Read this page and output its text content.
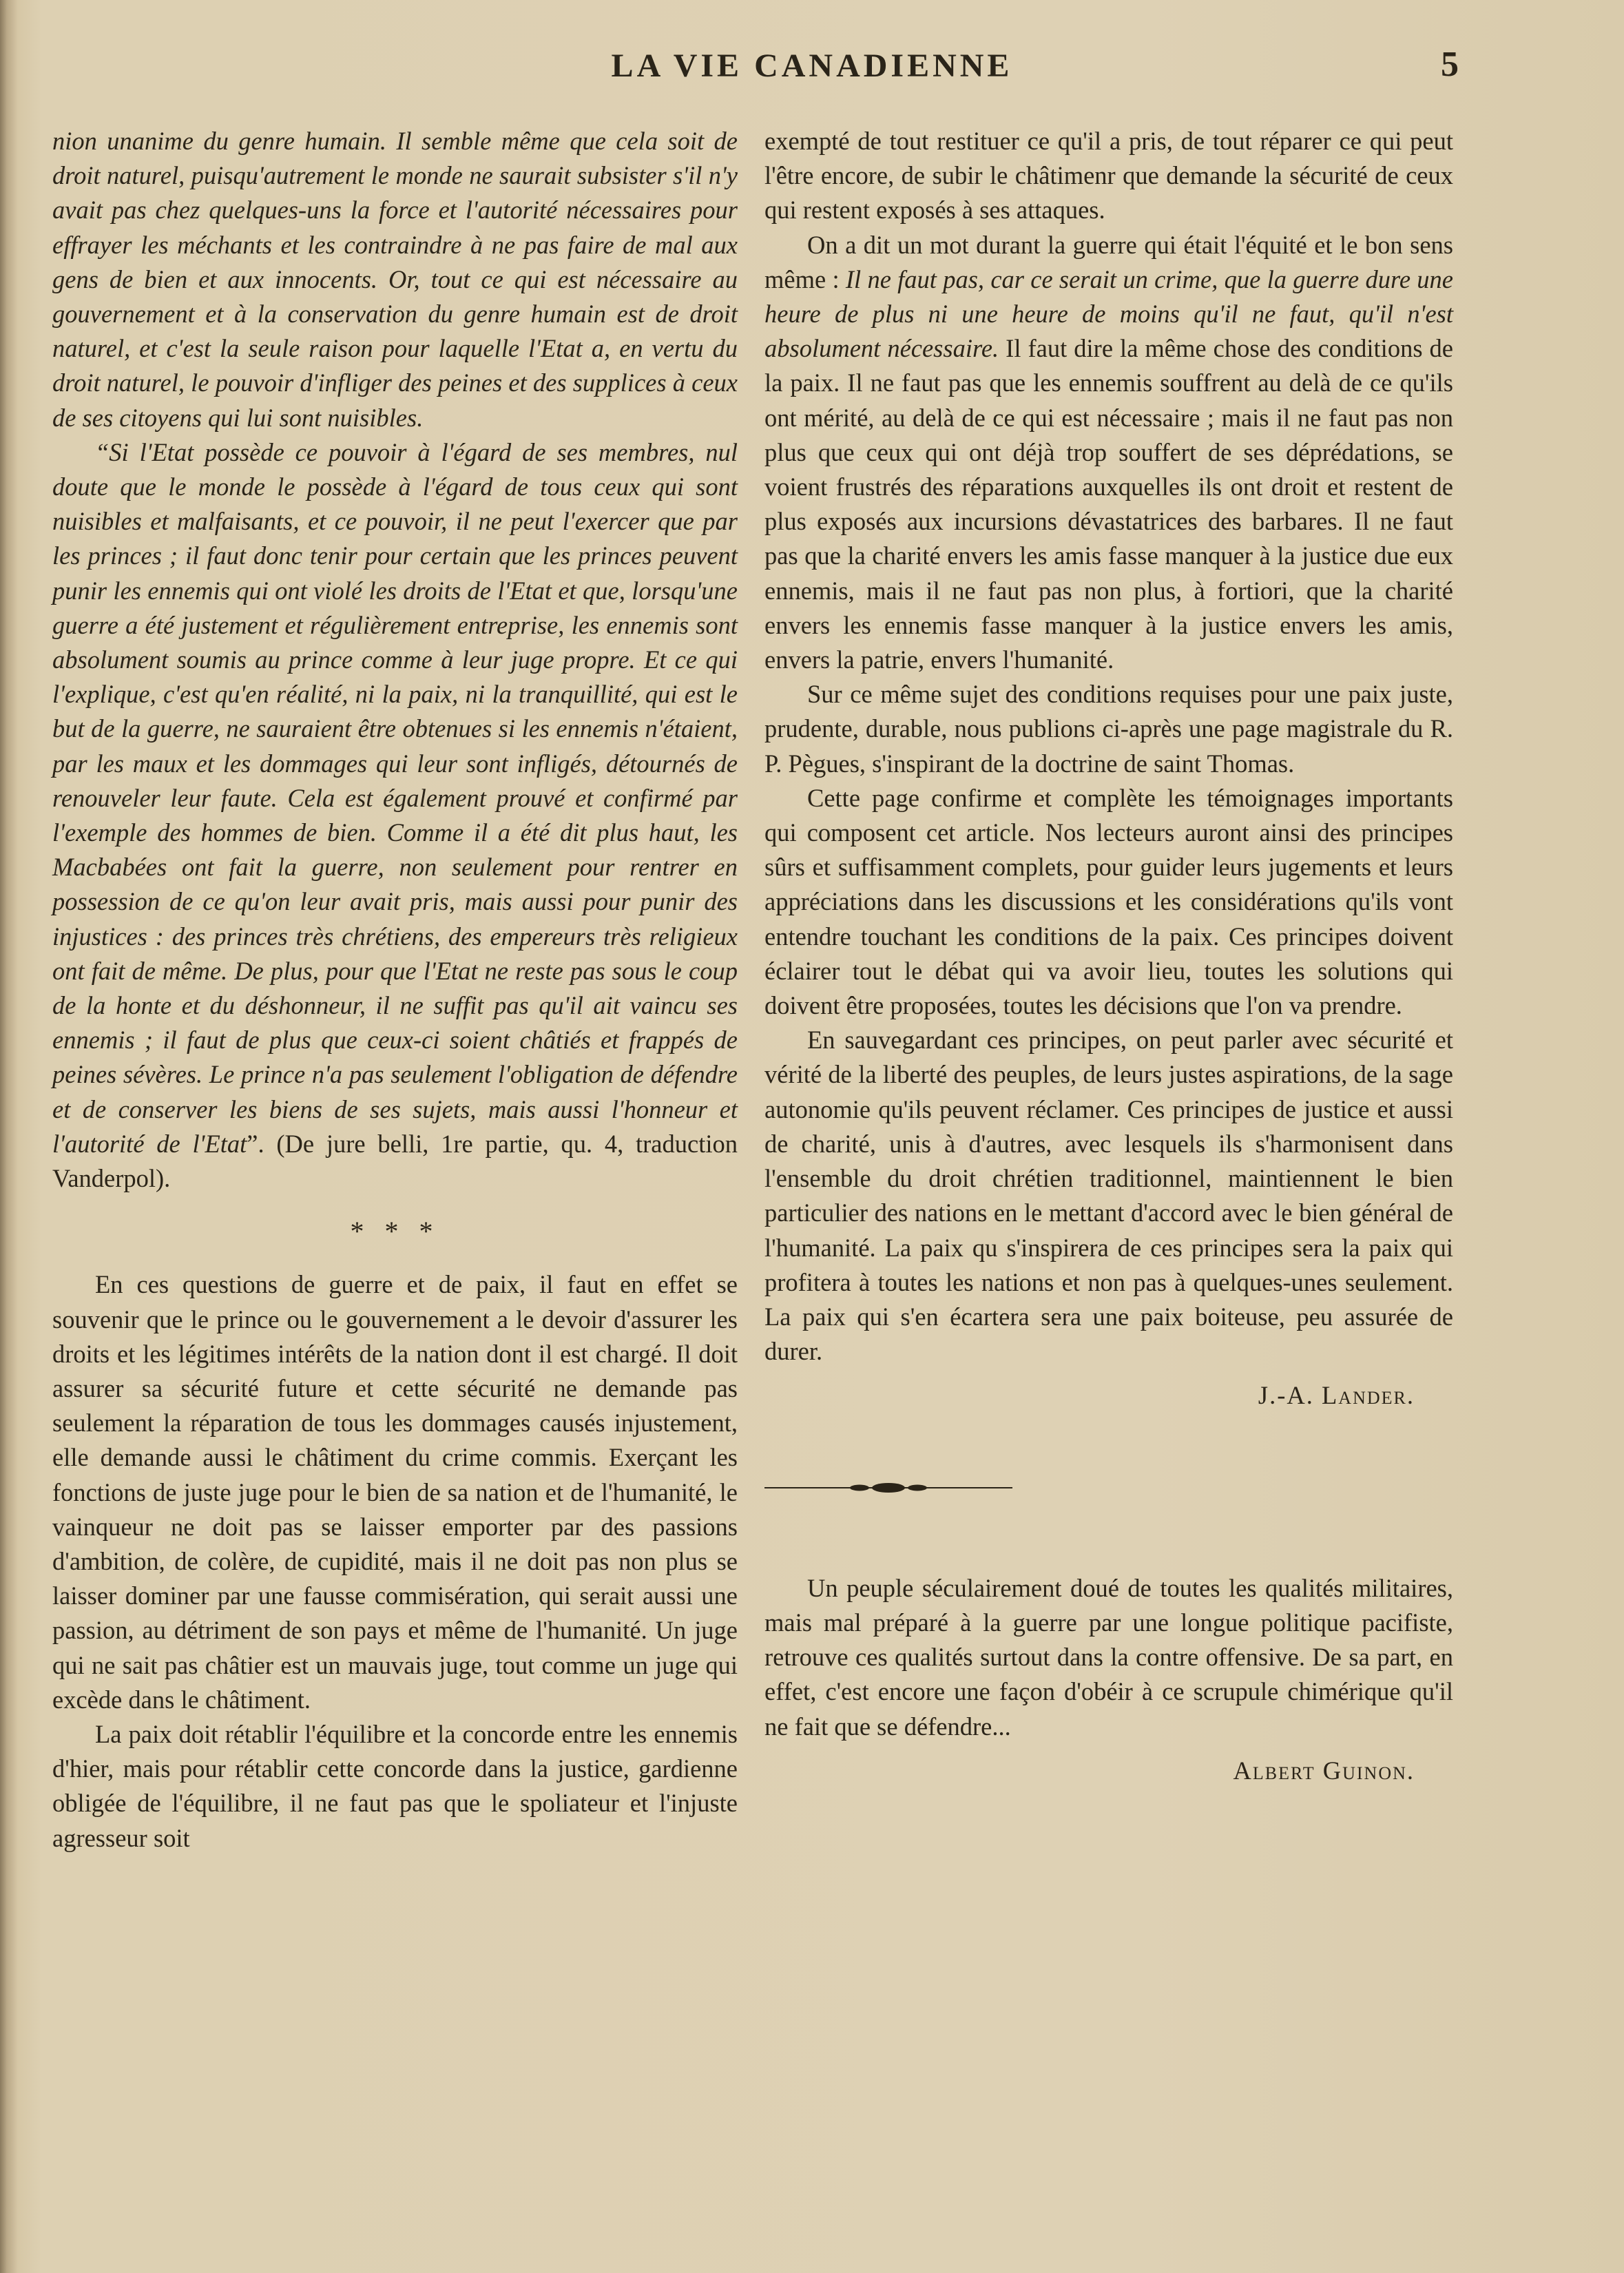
LA VIE CANADIENNE	5

nion unanime du genre humain. Il semble même que cela soit de droit naturel, puisqu'autrement le monde ne saurait subsister s'il n'y avait pas chez quelques-uns la force et l'autorité nécessaires pour effrayer les méchants et les contraindre à ne pas faire de mal aux gens de bien et aux innocents. Or, tout ce qui est nécessaire au gouvernement et à la conservation du genre humain est de droit naturel, et c'est la seule raison pour laquelle l'Etat a, en vertu du droit naturel, le pouvoir d'infliger des peines et des supplices à ceux de ses citoyens qui lui sont nuisibles.

“Si l'Etat possède ce pouvoir à l'égard de ses membres, nul doute que le monde le possède à l'égard de tous ceux qui sont nuisibles et malfaisants, et ce pouvoir, il ne peut l'exercer que par les princes ; il faut donc tenir pour certain que les princes peuvent punir les ennemis qui ont violé les droits de l'Etat et que, lorsqu'une guerre a été justement et régulièrement entreprise, les ennemis sont absolument soumis au prince comme à leur juge propre. Et ce qui l'explique, c'est qu'en réalité, ni la paix, ni la tranquillité, qui est le but de la guerre, ne sauraient être obtenues si les ennemis n'étaient, par les maux et les dommages qui leur sont infligés, détournés de renouveler leur faute. Cela est également prouvé et confirmé par l'exemple des hommes de bien. Comme il a été dit plus haut, les Macbabées ont fait la guerre, non seulement pour rentrer en possession de ce qu'on leur avait pris, mais aussi pour punir des injustices : des princes très chrétiens, des empereurs très religieux ont fait de même. De plus, pour que l'Etat ne reste pas sous le coup de la honte et du déshonneur, il ne suffit pas qu'il ait vaincu ses ennemis ; il faut de plus que ceux-ci soient châtiés et frappés de peines sévères. Le prince n'a pas seulement l'obligation de défendre et de conserver les biens de ses sujets, mais aussi l'honneur et l'autorité de l'Etat”. (De jure belli, 1re partie, qu. 4, traduction Vanderpol).

* * *

En ces questions de guerre et de paix, il faut en effet se souvenir que le prince ou le gouvernement a le devoir d'assurer les droits et les légitimes intérêts de la nation dont il est chargé. Il doit assurer sa sécurité future et cette sécurité ne demande pas seulement la réparation de tous les dommages causés injustement, elle demande aussi le châtiment du crime commis. Exerçant les fonctions de juste juge pour le bien de sa nation et de l'humanité, le vainqueur ne doit pas se laisser emporter par des passions d'ambition, de colère, de cupidité, mais il ne doit pas non plus se laisser dominer par une fausse commisération, qui serait aussi une passion, au détriment de son pays et même de l'humanité. Un juge qui ne sait pas châtier est un mauvais juge, tout comme un juge qui excède dans le châtiment.

La paix doit rétablir l'équilibre et la concorde entre les ennemis d'hier, mais pour rétablir cette concorde dans la justice, gardienne obligée de l'équilibre, il ne faut pas que le spoliateur et l'injuste agresseur soit

exempté de tout restituer ce qu'il a pris, de tout réparer ce qui peut l'être encore, de subir le châtimenr que demande la sécurité de ceux qui restent exposés à ses attaques.

On a dit un mot durant la guerre qui était l'équité et le bon sens même : Il ne faut pas, car ce serait un crime, que la guerre dure une heure de plus ni une heure de moins qu'il ne faut, qu'il n'est absolument nécessaire. Il faut dire la même chose des conditions de la paix. Il ne faut pas que les ennemis souffrent au delà de ce qu'ils ont mérité, au delà de ce qui est nécessaire ; mais il ne faut pas non plus que ceux qui ont déjà trop souffert de ses déprédations, se voient frustrés des réparations auxquelles ils ont droit et restent de plus exposés aux incursions dévastatrices des barbares. Il ne faut pas que la charité envers les amis fasse manquer à la justice due eux ennemis, mais il ne faut pas non plus, à fortiori, que la charité envers les ennemis fasse manquer à la justice envers les amis, envers la patrie, envers l'humanité.

Sur ce même sujet des conditions requises pour une paix juste, prudente, durable, nous publions ci-après une page magistrale du R. P. Pègues, s'inspirant de la doctrine de saint Thomas.

Cette page confirme et complète les témoignages importants qui composent cet article. Nos lecteurs auront ainsi des principes sûrs et suffisamment complets, pour guider leurs jugements et leurs appréciations dans les discussions et les considérations qu'ils vont entendre touchant les conditions de la paix. Ces principes doivent éclairer tout le débat qui va avoir lieu, toutes les solutions qui doivent être proposées, toutes les décisions que l'on va prendre.

En sauvegardant ces principes, on peut parler avec sécurité et vérité de la liberté des peuples, de leurs justes aspirations, de la sage autonomie qu'ils peuvent réclamer. Ces principes de justice et aussi de charité, unis à d'autres, avec lesquels ils s'harmonisent dans l'ensemble du droit chrétien traditionnel, maintiennent le bien particulier des nations en le mettant d'accord avec le bien général de l'humanité. La paix qu s'inspirera de ces principes sera la paix qui profitera à toutes les nations et non pas à quelques-unes seulement. La paix qui s'en écartera sera une paix boiteuse, peu assurée de durer.

J.-A. Lander.

Un peuple séculairement doué de toutes les qualités militaires, mais mal préparé à la guerre par une longue politique pacifiste, retrouve ces qualités surtout dans la contre offensive. De sa part, en effet, c'est encore une façon d'obéir à ce scrupule chimérique qu'il ne fait que se défendre...

Albert Guinon.
